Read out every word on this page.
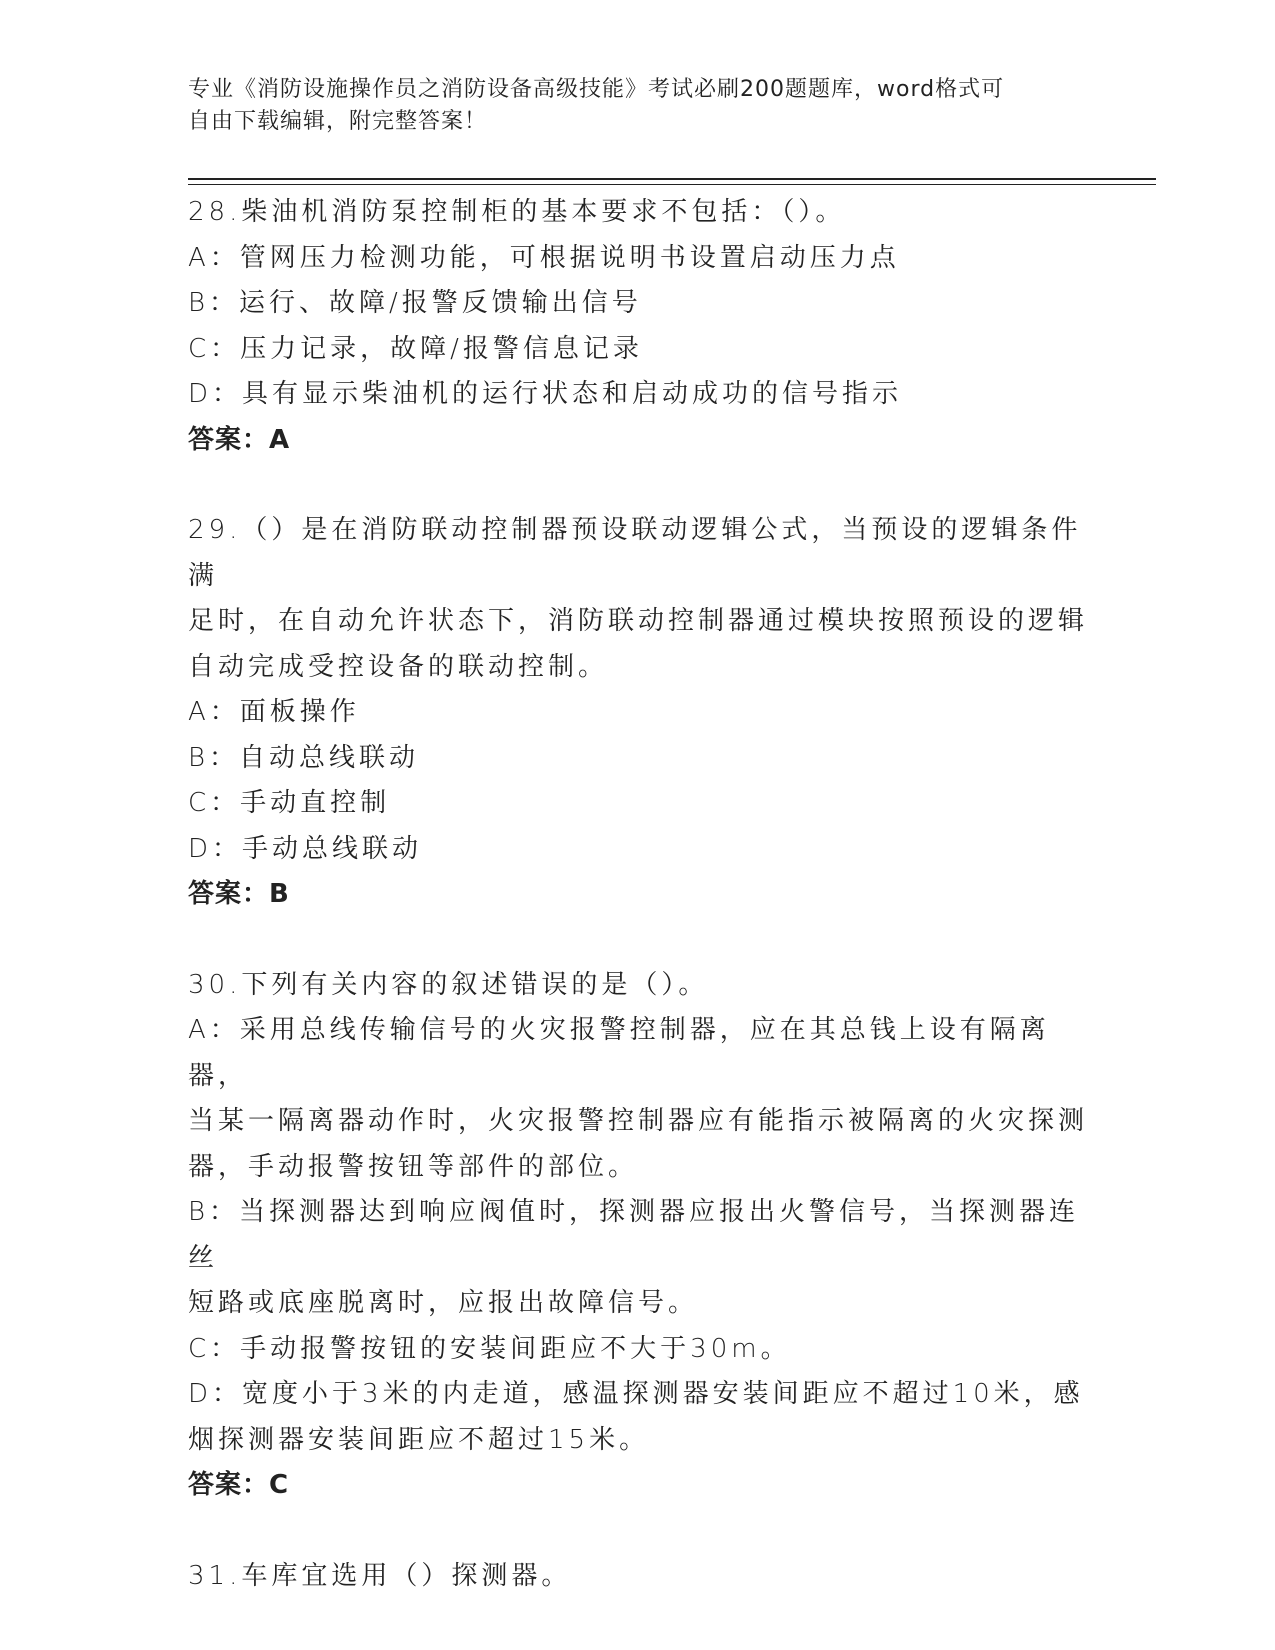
专业《消防设施操作员之消防设备高级技能》考试必刷200题题库，word格式可
自由下载编辑，附完整答案！
28.柴油机消防泵控制柜的基本要求不包括：（）。
A：管网压力检测功能，可根据说明书设置启动压力点
B：运行、故障/报警反馈输出信号
C：压力记录，故障/报警信息记录
D：具有显示柴油机的运行状态和启动成功的信号指示
答案：A
29.（）是在消防联动控制器预设联动逻辑公式，当预设的逻辑条件满
足时，在自动允许状态下，消防联动控制器通过模块按照预设的逻辑
自动完成受控设备的联动控制。
A：面板操作
B：自动总线联动
C：手动直控制
D：手动总线联动
答案：B
30.下列有关内容的叙述错误的是（）。
A：采用总线传输信号的火灾报警控制器，应在其总钱上设有隔离器，
当某一隔离器动作时，火灾报警控制器应有能指示被隔离的火灾探测
器，手动报警按钮等部件的部位。
B：当探测器达到响应阀值时，探测器应报出火警信号，当探测器连丝
短路或底座脱离时，应报出故障信号。
C：手动报警按钮的安装间距应不大于30m。
D：宽度小于3米的内走道，感温探测器安装间距应不超过10米，感
烟探测器安装间距应不超过15米。
答案：C
31.车库宜选用（）探测器。
